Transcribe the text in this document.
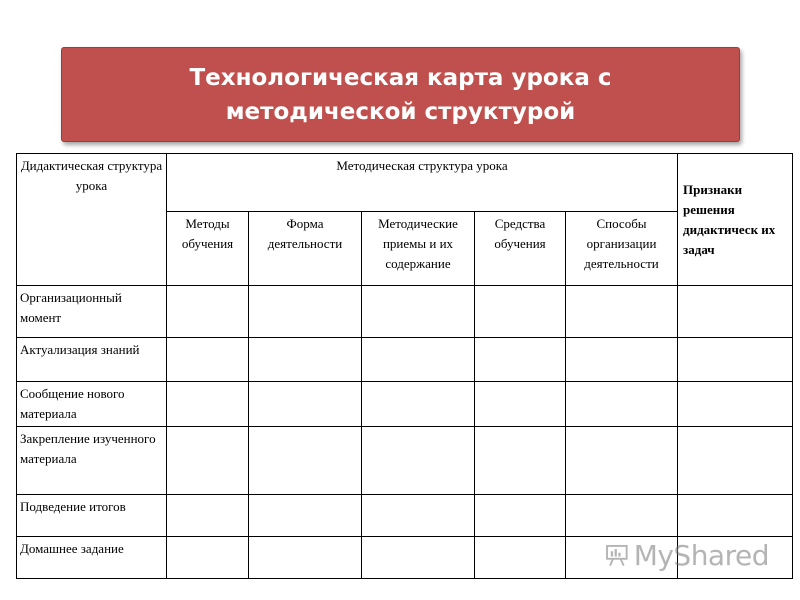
Технологическая карта урока с методической структурой

Дидактическая структура урока	Методическая структура урока					Признаки решения дидактическ их задач
	Методы обучения	Форма деятельности	Методические приемы и их содержание	Средства обучения	Способы организации деятельности	
Организационный момент						
Актуализация знаний						
Сообщение нового материала						
Закрепление изученного материала						
Подведение итогов						
Домашнее задание							MyShared
